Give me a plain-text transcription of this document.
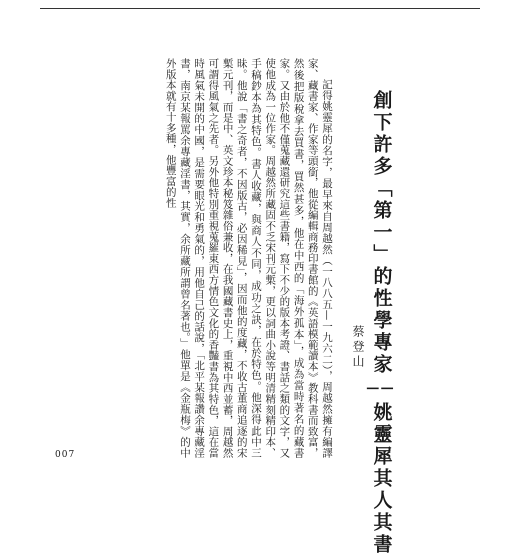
創下許多「第一」的性學專家──姚靈犀其人其書
蔡登山

記得姚靈犀的名字，最早來自周越然（一八八五—一九六二），周越然擁有編譯家、藏書家、作家等頭銜，他從編輯商務印書館的《英語模範讀本》教科書而致富，然後把版稅拿去買書，買然甚多，他在中西的「海外孤本」，成為當時著名的藏書家。又由於他不僅蒐藏還研究這些書籍，寫下不少的版本考證、書話之類的文字，又使他成為一位作家。周越然所藏固不乏宋刊元槧，更以詞曲小說等明清精刻精印本、手稿鈔本為其特色。書人收藏，與商人不同，成功之訣，在於特色。他深得此中三昧。他說「書之奇者，不因版古，必因稀見」，因而他的度藏，不收古董商追逐的宋槧元刊，而是中、英文珍本秘笈雜俗兼收，在我國藏書史上，重視中西並蓄，周越然可謂得風氣之先者。另外他特別重視蒐羅東西方情色文化的香豔書為其特色，這在當時風氣未開的中國，是需要眼光和勇氣的，用他自己的話說，「北平某報讚余專藏淫書，南京某報罵余專藏淫書，其實，余所藏所謂曾名著也。」他單是《金瓶梅》的中外版本就有十多種，他豐富的性

007
